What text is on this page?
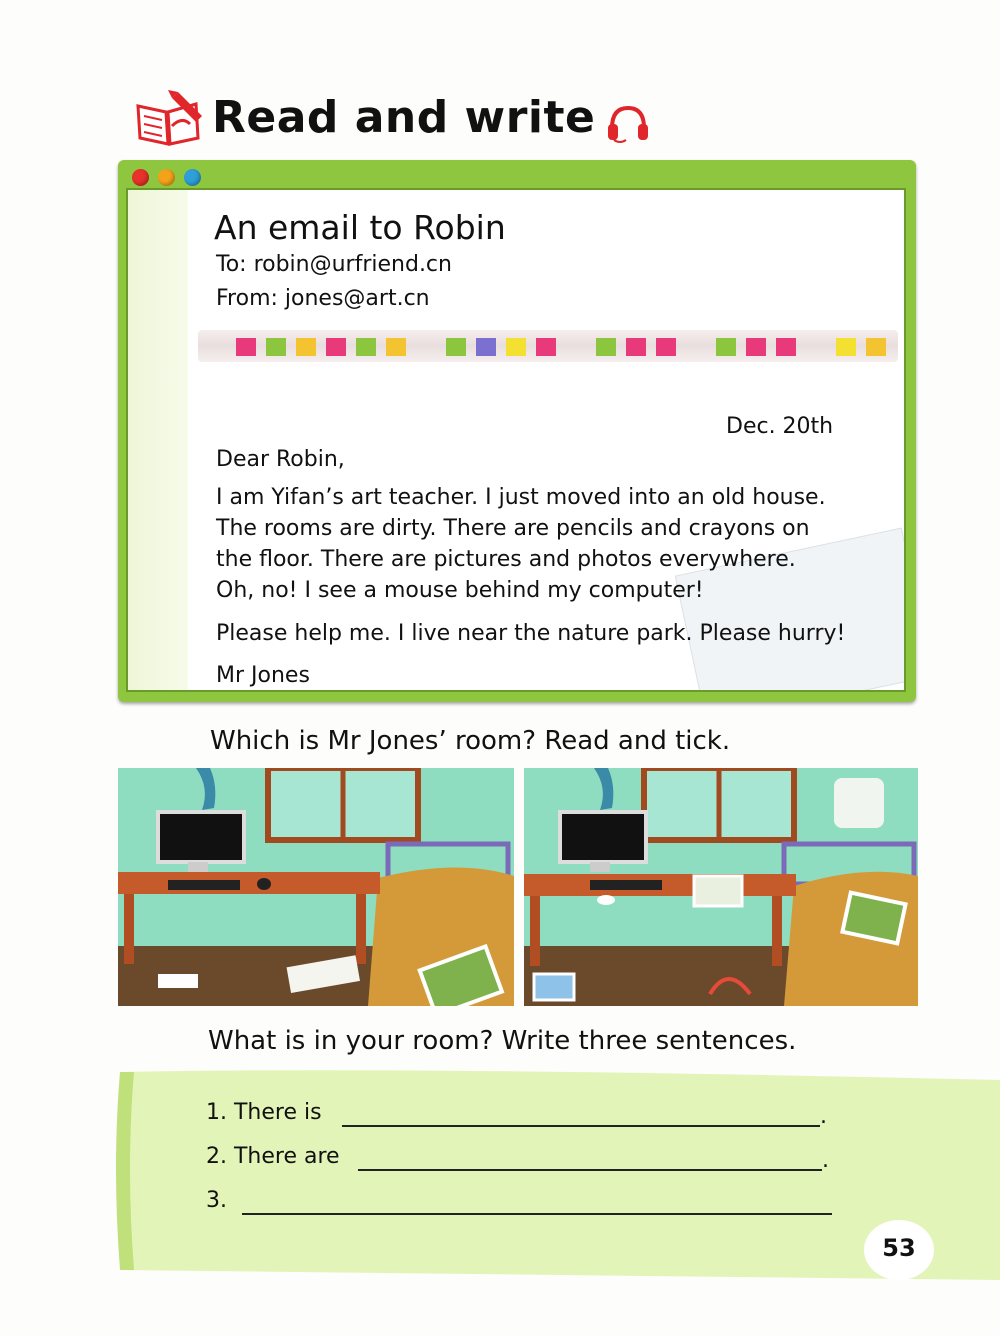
Read and write
An email to Robin
To: robin@urfriend.cn
From: jones@art.cn
Dec. 20th
Dear Robin,
I am Yifan’s art teacher. I just moved into an old house.
The rooms are dirty. There are pencils and crayons on
the floor. There are pictures and photos everywhere.
Oh, no! I see a mouse behind my computer!
Please help me. I live near the nature park. Please hurry!
Mr Jones
Which is Mr Jones’ room? Read and tick.
What is in your room? Write three sentences.
1. There is	.
2. There are	.
3.
53
